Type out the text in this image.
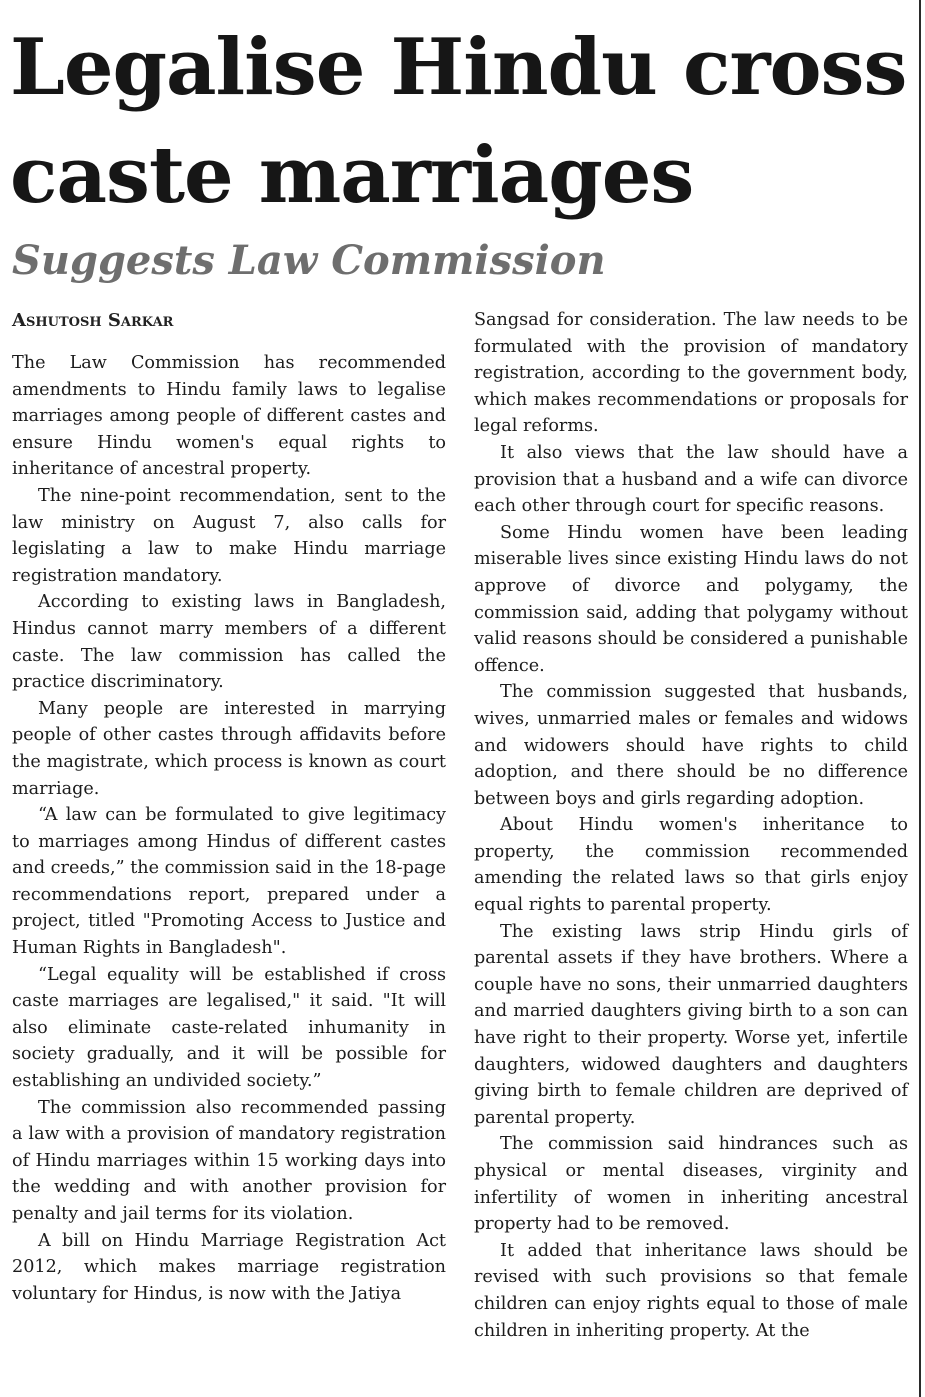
Legalise Hindu cross caste marriages
Suggests Law Commission
Ashutosh Sarkar

The Law Commission has recommended amendments to Hindu family laws to legalise marriages among people of different castes and ensure Hindu women's equal rights to inheritance of ancestral property.

The nine-point recommendation, sent to the law ministry on August 7, also calls for legislating a law to make Hindu marriage registration mandatory.

According to existing laws in Bangladesh, Hindus cannot marry members of a different caste. The law commission has called the practice discriminatory.

Many people are interested in marrying people of other castes through affidavits before the magistrate, which process is known as court marriage.

“A law can be formulated to give legitimacy to marriages among Hindus of different castes and creeds,” the commission said in the 18-page recommendations report, prepared under a project, titled "Promoting Access to Justice and Human Rights in Bangladesh".

“Legal equality will be established if cross caste marriages are legalised," it said. "It will also eliminate caste-related inhumanity in society gradually, and it will be possible for establishing an undivided society.”

The commission also recommended passing a law with a provision of mandatory registration of Hindu marriages within 15 working days into the wedding and with another provision for penalty and jail terms for its violation.

A bill on Hindu Marriage Registration Act 2012, which makes marriage registration voluntary for Hindus, is now with the Jatiya

Sangsad for consideration. The law needs to be formulated with the provision of mandatory registration, according to the government body, which makes recommendations or proposals for legal reforms.

It also views that the law should have a provision that a husband and a wife can divorce each other through court for specific reasons.

Some Hindu women have been leading miserable lives since existing Hindu laws do not approve of divorce and polygamy, the commission said, adding that polygamy without valid reasons should be considered a punishable offence.

The commission suggested that husbands, wives, unmarried males or females and widows and widowers should have rights to child adoption, and there should be no difference between boys and girls regarding adoption.

About Hindu women's inheritance to property, the commission recommended amending the related laws so that girls enjoy equal rights to parental property.

The existing laws strip Hindu girls of parental assets if they have brothers. Where a couple have no sons, their unmarried daughters and married daughters giving birth to a son can have right to their property. Worse yet, infertile daughters, widowed daughters and daughters giving birth to female children are deprived of parental property.

The commission said hindrances such as physical or mental diseases, virginity and infertility of women in inheriting ancestral property had to be removed.

It added that inheritance laws should be revised with such provisions so that female children can enjoy rights equal to those of male children in inheriting property. At the
